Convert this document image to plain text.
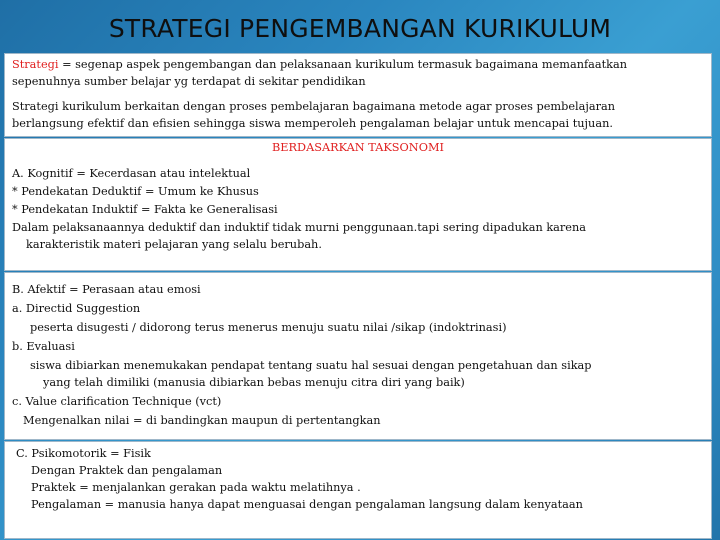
STRATEGI PENGEMBANGAN KURIKULUM
Strategi = segenap aspek pengembangan dan pelaksanaan kurikulum termasuk bagaimana memanfaatkan
sepenuhnya sumber belajar yg terdapat di sekitar pendidikan
Strategi kurikulum berkaitan dengan proses pembelajaran bagaimana metode agar proses pembelajaran
berlangsung efektif dan efisien sehingga siswa memperoleh pengalaman belajar untuk mencapai tujuan.
BERDASARKAN TAKSONOMI
A. Kognitif = Kecerdasan atau intelektual
* Pendekatan Deduktif = Umum ke Khusus
* Pendekatan Induktif = Fakta ke Generalisasi
Dalam pelaksanaannya deduktif dan induktif tidak murni penggunaan.tapi sering dipadukan karena
karakteristik materi pelajaran yang selalu berubah.
B. Afektif = Perasaan atau emosi
a. Directid Suggestion
peserta disugesti / didorong terus menerus menuju suatu nilai /sikap (indoktrinasi)
b. Evaluasi
siswa dibiarkan menemukakan pendapat tentang suatu hal sesuai dengan pengetahuan dan sikap
yang telah dimiliki (manusia dibiarkan bebas menuju citra diri yang baik)
c. Value clarification Technique (vct)
Mengenalkan nilai = di bandingkan maupun di pertentangkan
C. Psikomotorik = Fisik
Dengan Praktek dan pengalaman
Praktek = menjalankan gerakan pada waktu melatihnya .
Pengalaman = manusia hanya dapat menguasai dengan pengalaman langsung dalam kenyataan
